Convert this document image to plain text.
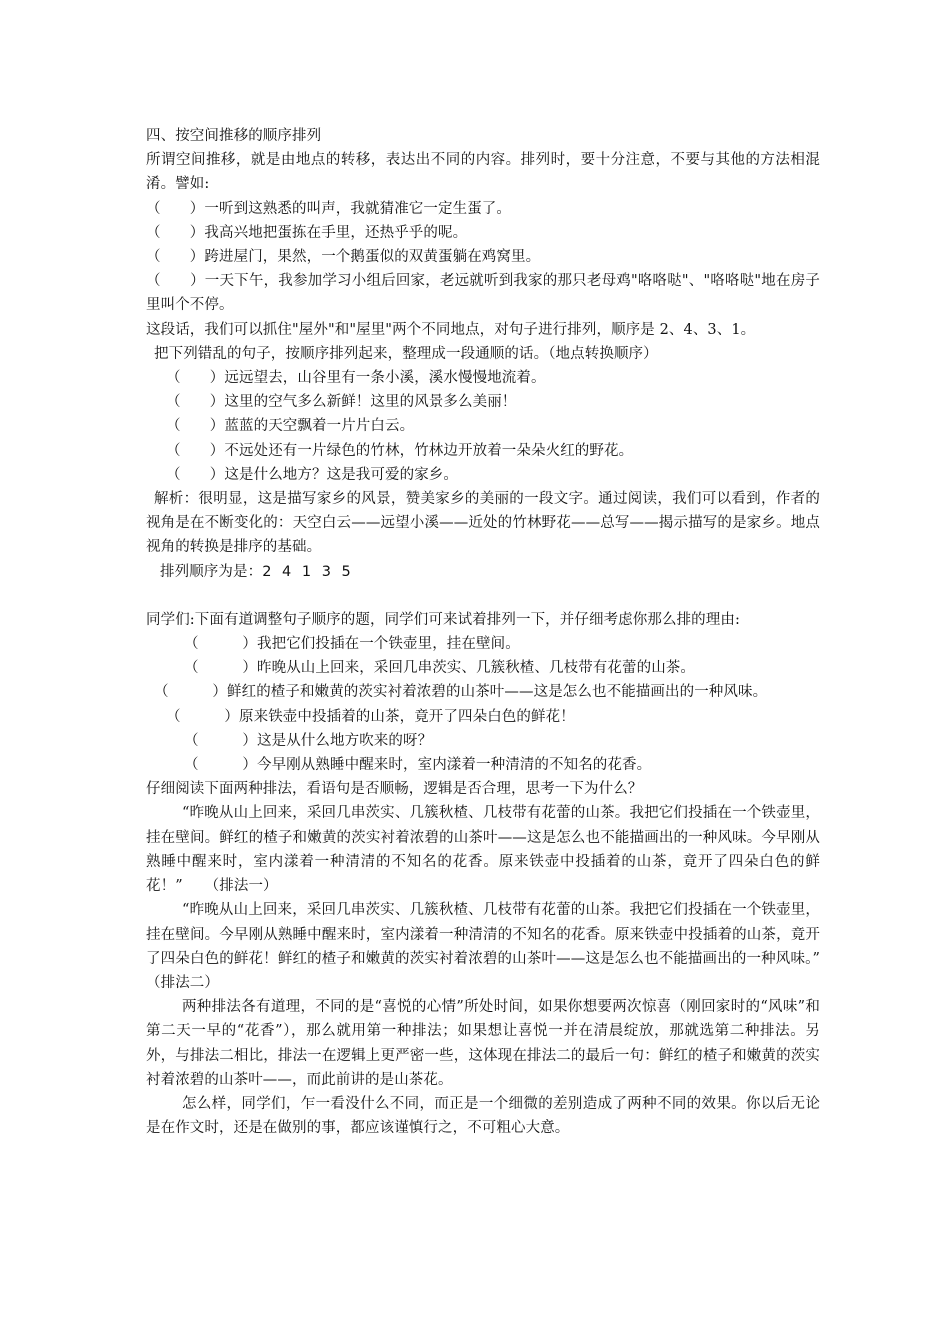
四、按空间推移的顺序排列

所谓空间推移，就是由地点的转移，表达出不同的内容。排列时，要十分注意，不要与其他的方法相混淆。譬如:

（　　）一听到这熟悉的叫声，我就猜准它一定生蛋了。

（　　）我高兴地把蛋拣在手里，还热乎乎的呢。

（　　）跨进屋门，果然，一个鹅蛋似的双黄蛋躺在鸡窝里。

（　　）一天下午，我参加学习小组后回家，老远就听到我家的那只老母鸡"咯咯哒"、"咯咯哒"地在房子里叫个不停。

这段话，我们可以抓住"屋外"和"屋里"两个不同地点，对句子进行排列，顺序是 2、4、3、1。

把下列错乱的句子，按顺序排列起来，整理成一段通顺的话。（地点转换顺序）

（　　）远远望去，山谷里有一条小溪，溪水慢慢地流着。

（　　）这里的空气多么新鲜！这里的风景多么美丽！

（　　）蓝蓝的天空飘着一片片白云。

（　　）不远处还有一片绿色的竹林，竹林边开放着一朵朵火红的野花。

（　　）这是什么地方？这是我可爱的家乡。

解析：很明显，这是描写家乡的风景，赞美家乡的美丽的一段文字。通过阅读，我们可以看到，作者的视角是在不断变化的：天空白云——远望小溪——近处的竹林野花——总写——揭示描写的是家乡。地点视角的转换是排序的基础。

排列顺序为是：2 4 1 3 5

同学们:下面有道调整句子顺序的题，同学们可来试着排列一下，并仔细考虑你那么排的理由:

（　　　）我把它们投插在一个铁壶里，挂在壁间。

（　　　）昨晚从山上回来，采回几串茨实、几簇秋楂、几枝带有花蕾的山茶。

（　　　）鲜红的楂子和嫩黄的茨实衬着浓碧的山茶叶——这是怎么也不能描画出的一种风味。

（　　　）原来铁壶中投插着的山茶，竟开了四朵白色的鲜花！

（　　　）这是从什么地方吹来的呀？

（　　　）今早刚从熟睡中醒来时，室内漾着一种清清的不知名的花香。

仔细阅读下面两种排法，看语句是否顺畅，逻辑是否合理，思考一下为什么？

“昨晚从山上回来，采回几串茨实、几簇秋楂、几枝带有花蕾的山茶。我把它们投插在一个铁壶里，挂在壁间。鲜红的楂子和嫩黄的茨实衬着浓碧的山茶叶——这是怎么也不能描画出的一种风味。今早刚从熟睡中醒来时，室内漾着一种清清的不知名的花香。原来铁壶中投插着的山茶，竟开了四朵白色的鲜花！”　　（排法一）

“昨晚从山上回来，采回几串茨实、几簇秋楂、几枝带有花蕾的山茶。我把它们投插在一个铁壶里，挂在壁间。今早刚从熟睡中醒来时，室内漾着一种清清的不知名的花香。原来铁壶中投插着的山茶，竟开了四朵白色的鲜花！鲜红的楂子和嫩黄的茨实衬着浓碧的山茶叶——这是怎么也不能描画出的一种风味。”　　（排法二）

两种排法各有道理，不同的是“喜悦的心情”所处时间，如果你想要两次惊喜（刚回家时的“风味”和第二天一早的“花香”），那么就用第一种排法；如果想让喜悦一并在清晨绽放，那就选第二种排法。另外，与排法二相比，排法一在逻辑上更严密一些，这体现在排法二的最后一句：鲜红的楂子和嫩黄的茨实衬着浓碧的山茶叶——，而此前讲的是山茶花。

怎么样，同学们，乍一看没什么不同，而正是一个细微的差别造成了两种不同的效果。你以后无论是在作文时，还是在做别的事，都应该谨慎行之，不可粗心大意。
